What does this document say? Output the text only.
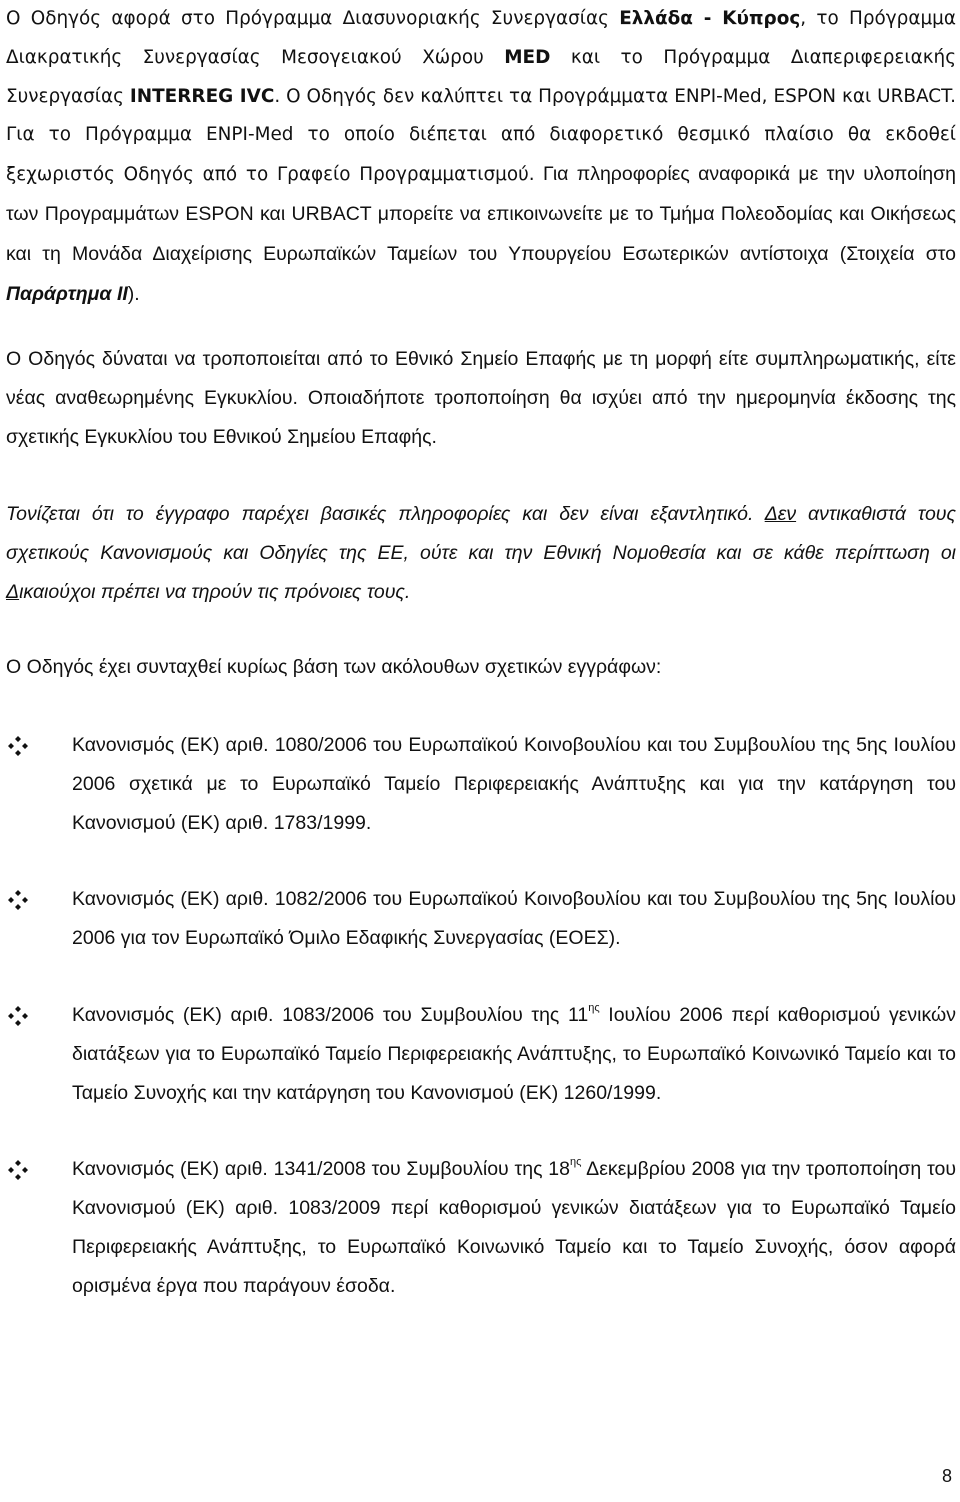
Ο Οδηγός αφορά στο Πρόγραμμα Διασυνοριακής Συνεργασίας Ελλάδα - Κύπρος, το Πρόγραμμα Διακρατικής Συνεργασίας Μεσογειακού Χώρου MED και το Πρόγραμμα Διαπεριφερειακής Συνεργασίας INTERREG IVC. Ο Οδηγός δεν καλύπτει τα Προγράμματα ENPI-Med, ESPON και URBACT. Για το Πρόγραμμα ENPI-Med το οποίο διέπεται από διαφορετικό θεσμικό πλαίσιο θα εκδοθεί ξεχωριστός Οδηγός από το Γραφείο Προγραμματισμού. Για πληροφορίες αναφορικά με την υλοποίηση των Προγραμμάτων ESPON και URBACT μπορείτε να επικοινωνείτε με το Τμήμα Πολεοδομίας και Οικήσεως και τη Μονάδα Διαχείρισης Ευρωπαϊκών Ταμείων του Υπουργείου Εσωτερικών αντίστοιχα (Στοιχεία στο Παράρτημα ΙΙ).

Ο Οδηγός δύναται να τροποποιείται από το Εθνικό Σημείο Επαφής με τη μορφή είτε συμπληρωματικής, είτε νέας αναθεωρημένης Εγκυκλίου. Οποιαδήποτε τροποποίηση θα ισχύει από την ημερομηνία έκδοσης της σχετικής Εγκυκλίου του Εθνικού Σημείου Επαφής.

Τονίζεται ότι το έγγραφο παρέχει βασικές πληροφορίες και δεν είναι εξαντλητικό. Δεν αντικαθιστά τους σχετικούς Κανονισμούς και Οδηγίες της ΕΕ, ούτε και την Εθνική Νομοθεσία και σε κάθε περίπτωση οι Δικαιούχοι πρέπει να τηρούν τις πρόνοιες τους.

Ο Οδηγός έχει συνταχθεί κυρίως βάση των ακόλουθων σχετικών εγγράφων:

Κανονισμός (ΕΚ) αριθ. 1080/2006 του Ευρωπαϊκού Κοινοβουλίου και του Συμβουλίου της 5ης Ιουλίου 2006 σχετικά με το Ευρωπαϊκό Ταμείο Περιφερειακής Ανάπτυξης και για την κατάργηση του Κανονισμού (ΕΚ) αριθ. 1783/1999.
Κανονισμός (ΕΚ) αριθ. 1082/2006 του Ευρωπαϊκού Κοινοβουλίου και του Συμβουλίου της 5ης Ιουλίου 2006 για τον Ευρωπαϊκό Όμιλο Εδαφικής Συνεργασίας (ΕΟΕΣ).
Κανονισμός (ΕΚ) αριθ. 1083/2006 του Συμβουλίου της $11^{\eta\varsigma}$ Ιουλίου 2006 περί καθορισμού γενικών διατάξεων για το Ευρωπαϊκό Ταμείο Περιφερειακής Ανάπτυξης, το Ευρωπαϊκό Κοινωνικό Ταμείο και το Ταμείο Συνοχής και την κατάργηση του Κανονισμού (ΕΚ) 1260/1999.
Κανονισμός (ΕΚ) αριθ. 1341/2008 του Συμβουλίου της $18^{\eta\varsigma}$ Δεκεμβρίου 2008 για την τροποποίηση του Κανονισμού (ΕΚ) αριθ. 1083/2009 περί καθορισμού γενικών διατάξεων για το Ευρωπαϊκό Ταμείο Περιφερειακής Ανάπτυξης, το Ευρωπαϊκό Κοινωνικό Ταμείο και το Ταμείο Συνοχής, όσον αφορά ορισμένα έργα που παράγουν έσοδα.
8
